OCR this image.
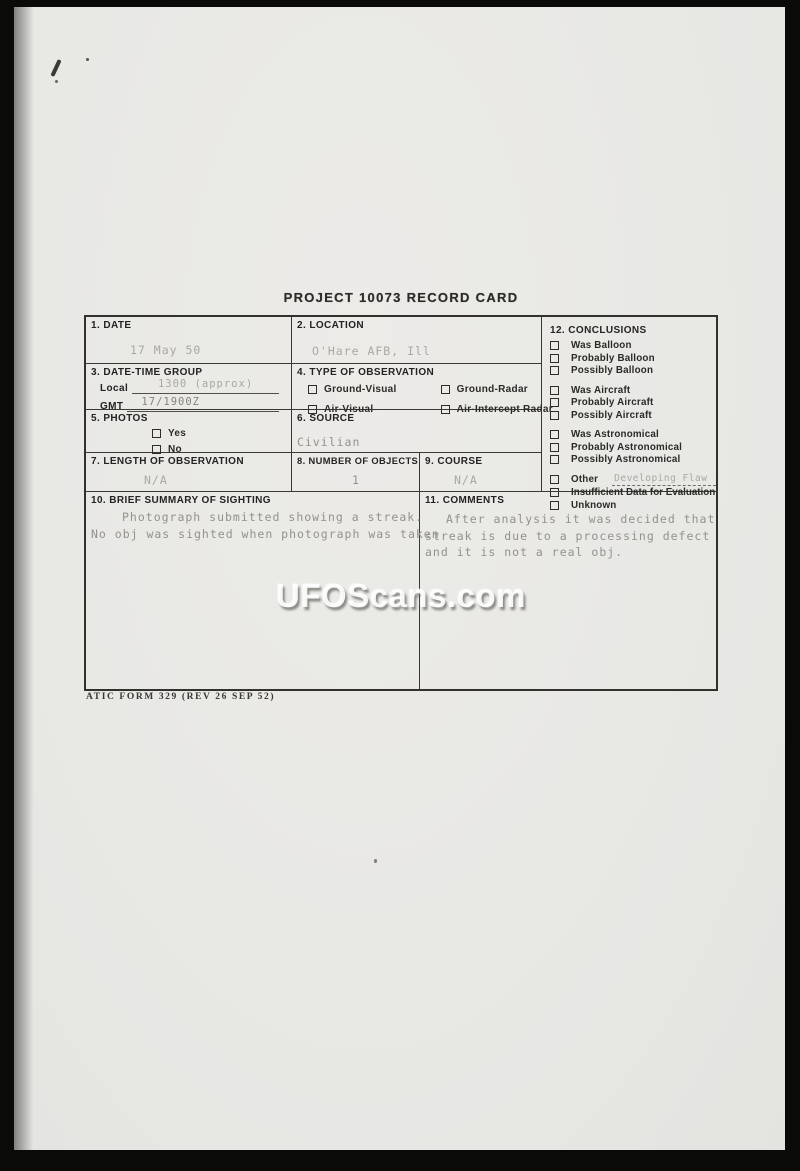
PROJECT 10073 RECORD CARD
1. DATE
17 May 50
2. LOCATION
O'Hare AFB, Ill
12. CONCLUSIONS
Was Balloon
Probably Balloon
Possibly Balloon
Was Aircraft
Probably Aircraft
Possibly Aircraft
Was Astronomical
Probably Astronomical
Possibly Astronomical
Other Developing Flaw
Insufficient Data for Evaluation
Unknown
3. DATE-TIME GROUP
Local	1300 (approx)
GMT	17/1900Z
4. TYPE OF OBSERVATION
Ground-Visual
Air-Visual
Ground-Radar
Air-Intercept Radar
5. PHOTOS
Yes
No
6. SOURCE
Civilian
7. LENGTH OF OBSERVATION
N/A
8. NUMBER OF OBJECTS
1
9. COURSE
N/A
10. BRIEF SUMMARY OF SIGHTING
Photograph submitted showing a streak.
No obj was sighted when photograph was taken
11. COMMENTS
After analysis it was decided that
streak is due to a processing defect
and it is not a real obj.
UFOScans.com
ATIC FORM 329 (REV 26 SEP 52)
